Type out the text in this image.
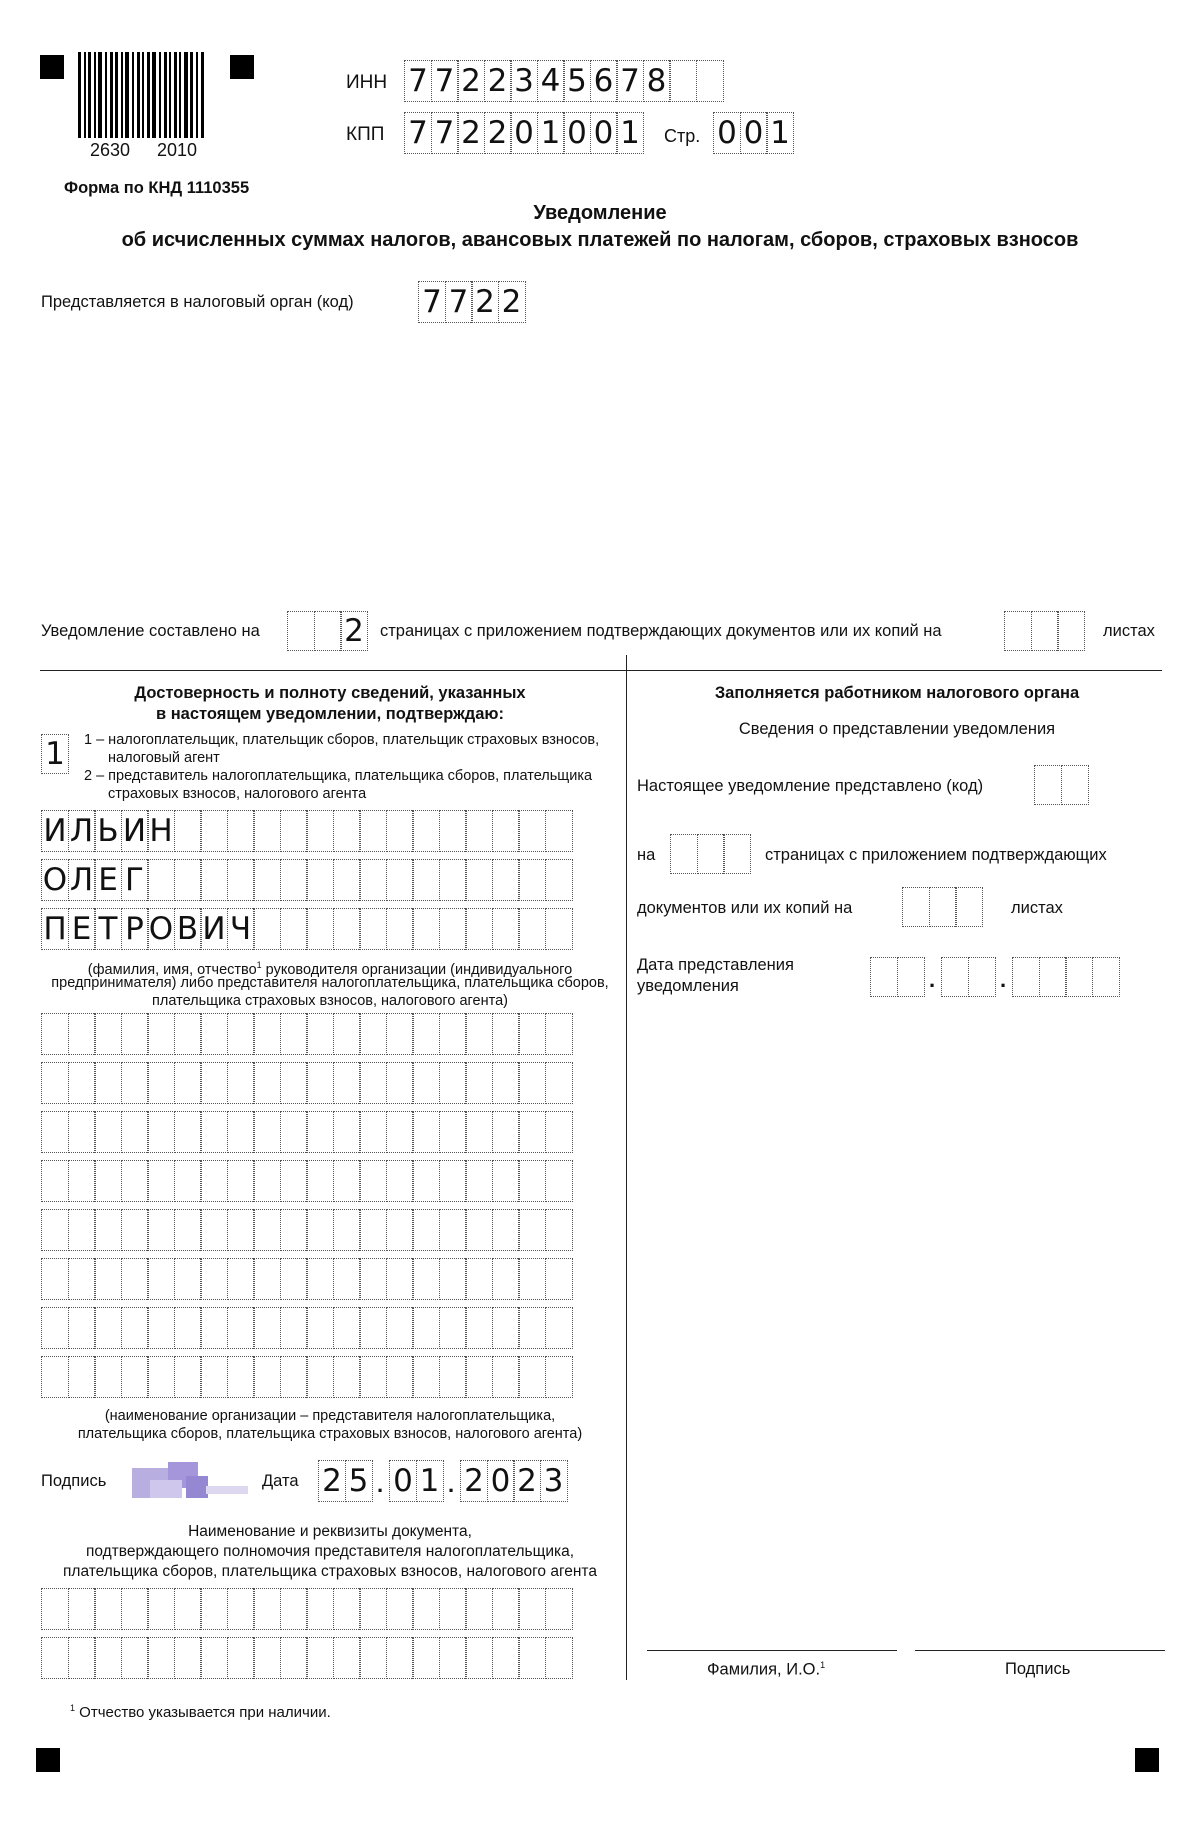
2630 2010
ИНН 7 7 2 2 3 4 5 6 7 8
КПП 7 7 2 2 0 1 0 0 1 Стр. 0 0 1
Форма по КНД 1110355
Уведомление
об исчисленных суммах налогов, авансовых платежей по налогам, сборов, страховых взносов
Представляется в налоговый орган (код) 7 7 2 2
Уведомление составлено на	2 страницах с приложением подтверждающих документов или их копий на	листах
Достоверность и полноту сведений, указанных
в настоящем уведомлении, подтверждаю:
1 1 – налогоплательщик, плательщик сборов, плательщик страховых взносов,
налоговый агент
2 – представитель налогоплательщика, плательщика сборов, плательщика
страховых взносов, налогового агента
И Л Ь И Н
О Л Е Г
П Е Т Р О В И Ч
(фамилия, имя, отчество$^1$ руководителя организации (индивидуального
предпринимателя) либо представителя налогоплательщика, плательщика сборов,
плательщика страховых взносов, налогового агента)
(наименование организации – представителя налогоплательщика,
плательщика сборов, плательщика страховых взносов, налогового агента)
Подпись	Дата 2 5 . 0 1 . 2 0 2 3
Наименование и реквизиты документа,
подтверждающего полномочия представителя налогоплательщика,
плательщика сборов, плательщика страховых взносов, налогового агента
Заполняется работником налогового органа
Сведения о представлении уведомления
Настоящее уведомление представлено (код)
на	страницах с приложением подтверждающих
документов или их копий на	листах
Дата представления
уведомления	.	.
Фамилия, И.О.$^1$	Подпись
$^1$ Отчество указывается при наличии.
